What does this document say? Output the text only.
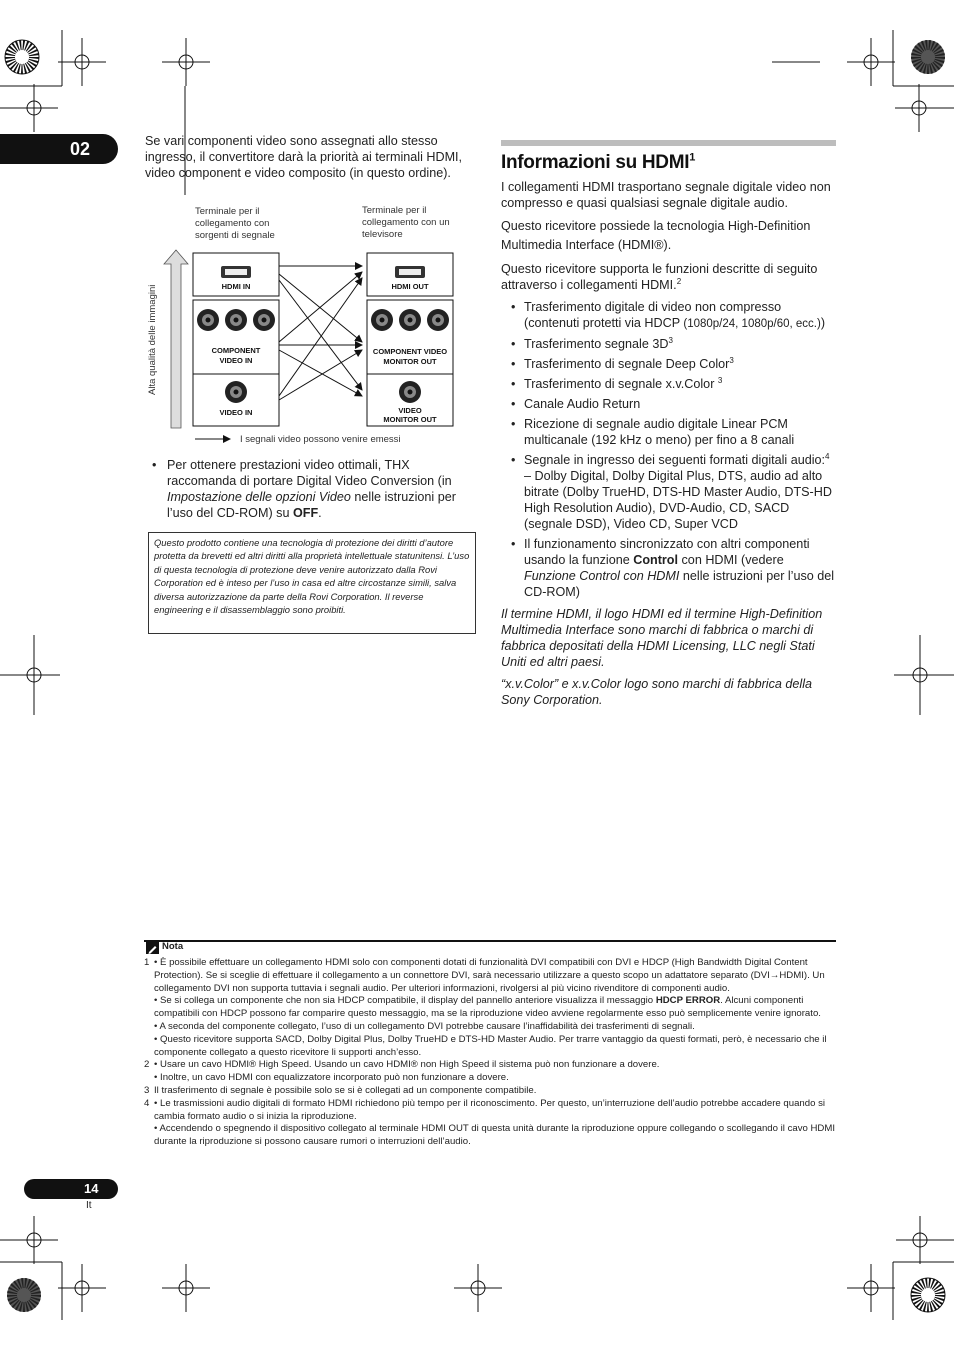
02	Se vari componenti video sono assegnati allo stesso ingresso, il convertitore darà la priorità ai terminali HDMI, video component e video composito (in questo ordine).
Terminale per il collegamento con sorgenti di segnale
Terminale per il collegamento con un televisore
Alta qualità delle immagini	HDMI IN
COMPONENT
VIDEO IN
VIDEO IN
HDMI OUT
COMPONENT VIDEO
MONITOR OUT
VIDEO
MONITOR OUT
I segnali video possono venire emessi
• Per ottenere prestazioni video ottimali, THX raccomanda di portare Digital Video Conversion (in Impostazione delle opzioni Video nelle istruzioni per l’uso del CD-ROM) su OFF.
Questo prodotto contiene una tecnologia di protezione dei diritti d’autore protetta da brevetti ed altri diritti alla proprietà intellettuale statunitensi. L’uso di questa tecnologia di protezione deve venire autorizzato dalla Rovi Corporation ed è inteso per l’uso in casa ed altre circostanze simili, salva diversa autorizzazione da parte della Rovi Corporation. Il reverse engineering e il disassemblaggio sono proibiti.
Informazioni su HDMI$^1$

I collegamenti HDMI trasportano segnale digitale video non compresso e quasi qualsiasi segnale digitale audio.

Questo ricevitore possiede la tecnologia High-Definition Multimedia Interface (HDMI®).

Questo ricevitore supporta le funzioni descritte di seguito attraverso i collegamenti HDMI.$^2$

• Trasferimento digitale di video non compresso (contenuti protetti via HDCP (1080p/24, 1080p/60, ecc.))
• Trasferimento segnale $3D^3$
• Trasferimento di segnale Deep Color$^3$
• Trasferimento di segnale x.v.Color $^3$
• Canale Audio Return
• Ricezione di segnale audio digitale Linear PCM multicanale (192 kHz o meno) per fino a 8 canali
• Segnale in ingresso dei seguenti formati digitali audio:$^4$
– Dolby Digital, Dolby Digital Plus, DTS, audio ad alto bitrate (Dolby TrueHD, DTS-HD Master Audio, DTS-HD High Resolution Audio), DVD-Audio, CD, SACD (segnale DSD), Video CD, Super VCD
• Il funzionamento sincronizzato con altri componenti usando la funzione Control con HDMI (vedere Funzione Control con HDMI nelle istruzioni per l’uso del CD-ROM)

Il termine HDMI, il logo HDMI ed il termine High-Definition Multimedia Interface sono marchi di fabbrica o marchi di fabbrica depositati della HDMI Licensing, LLC negli Stati Uniti ed altri paesi.

“x.v.Color” e x.v.Color logo sono marchi di fabbrica della Sony Corporation.

Nota
1 • È possibile effettuare un collegamento HDMI solo con componenti dotati di funzionalità DVI compatibili con DVI e HDCP (High Bandwidth Digital Content Protection). Se si sceglie di effettuare il collegamento a un connettore DVI, sarà necessario utilizzare a questo scopo un adattatore separato (DVI→HDMI). Un collegamento DVI non supporta tuttavia i segnali audio. Per ulteriori informazioni, rivolgersi al più vicino rivenditore di componenti audio.
• Se si collega un componente che non sia HDCP compatibile, il display del pannello anteriore visualizza il messaggio HDCP ERROR. Alcuni componenti compatibili con HDCP possono far comparire questo messaggio, ma se la riproduzione video avviene regolarmente esso può semplicemente venire ignorato.
• A seconda del componente collegato, l’uso di un collegamento DVI potrebbe causare l’inaffidabilità dei trasferimenti di segnali.
• Questo ricevitore supporta SACD, Dolby Digital Plus, Dolby TrueHD e DTS-HD Master Audio. Per trarre vantaggio da questi formati, però, è necessario che il componente collegato a questo ricevitore li supporti anch’esso.
2 • Usare un cavo HDMI® High Speed. Usando un cavo HDMI® non High Speed il sistema può non funzionare a dovere.
• Inoltre, un cavo HDMI con equalizzatore incorporato può non funzionare a dovere.
3 Il trasferimento di segnale è possibile solo se si è collegati ad un componente compatibile.
4 • Le trasmissioni audio digitali di formato HDMI richiedono più tempo per il riconoscimento. Per questo, un’interruzione dell’audio potrebbe accadere quando si cambia formato audio o si inizia la riproduzione.
• Accendendo o spegnendo il dispositivo collegato al terminale HDMI OUT di questa unità durante la riproduzione oppure collegando o scollegando il cavo HDMI durante la riproduzione si possono causare rumori o interruzioni dell’audio.
14
It
